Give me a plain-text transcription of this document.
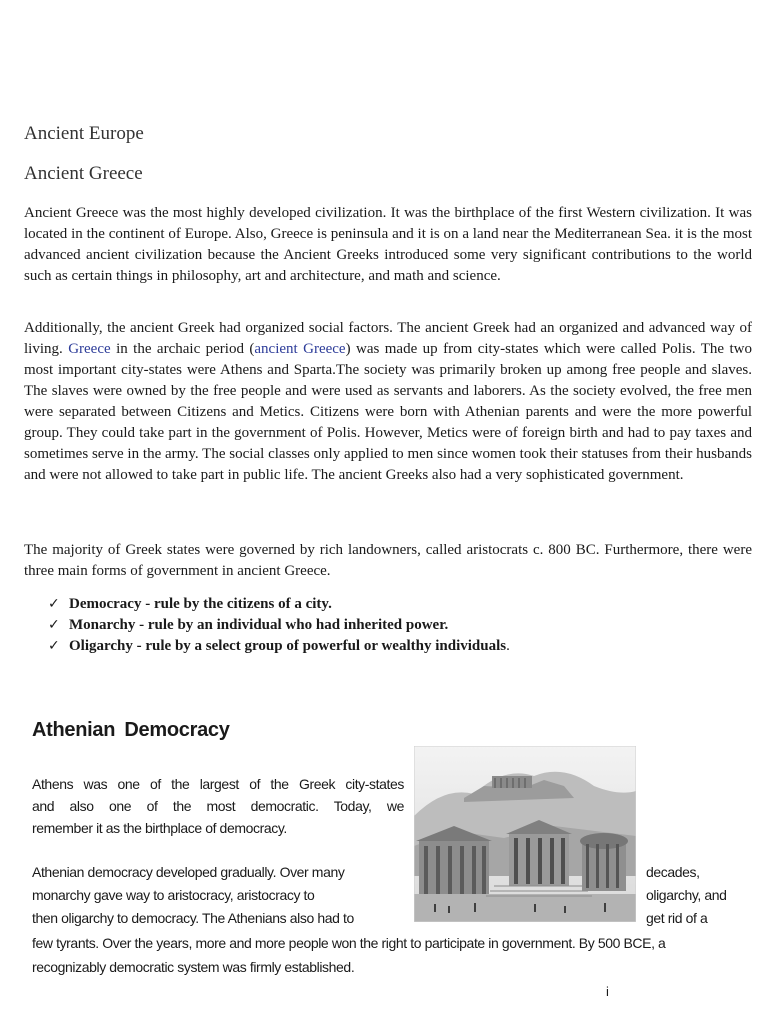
Ancient Europe
Ancient Greece

Ancient Greece was the most highly developed civilization. It was the birthplace of the first Western civilization. It was located in the continent of Europe. Also, Greece is peninsula and it is on a land near the Mediterranean Sea. it is the most advanced ancient civilization because the Ancient Greeks introduced some very significant contributions to the world such as certain things in philosophy, art and architecture, and math and science.

Additionally, the ancient Greek had organized social factors. The ancient Greek had an organized and advanced way of living. Greece in the archaic period (ancient Greece) was made up from city-states which were called Polis. The two most important city-states were Athens and Sparta.The society was primarily broken up among free people and slaves. The slaves were owned by the free people and were used as servants and laborers. As the society evolved, the free men were separated between Citizens and Metics. Citizens were born with Athenian parents and were the more powerful group. They could take part in the government of Polis. However, Metics were of foreign birth and had to pay taxes and sometimes serve in the army. The social classes only applied to men since women took their statuses from their husbands and were not allowed to take part in public life. The ancient Greeks also had a very sophisticated government.

The majority of Greek states were governed by rich landowners, called aristocrats c. 800 BC. Furthermore, there were three main forms of government in ancient Greece.

✓ Democracy - rule by the citizens of a city.
✓ Monarchy - rule by an individual who had inherited power.
✓ Oligarchy - rule by a select group of powerful or wealthy individuals.
Athenian Democracy
Athens was one of the largest of the Greek city-states
and also one of the most democratic. Today, we
remember it as the birthplace of democracy.
Athenian democracy developed gradually. Over many
monarchy gave way to aristocracy, aristocracy to
then oligarchy to democracy. The Athenians also had to
decades,
oligarchy, and
get rid of a
few tyrants. Over the years, more and more people won the right to participate in government. By 500 BCE, a
recognizably democratic system was firmly established.
i
